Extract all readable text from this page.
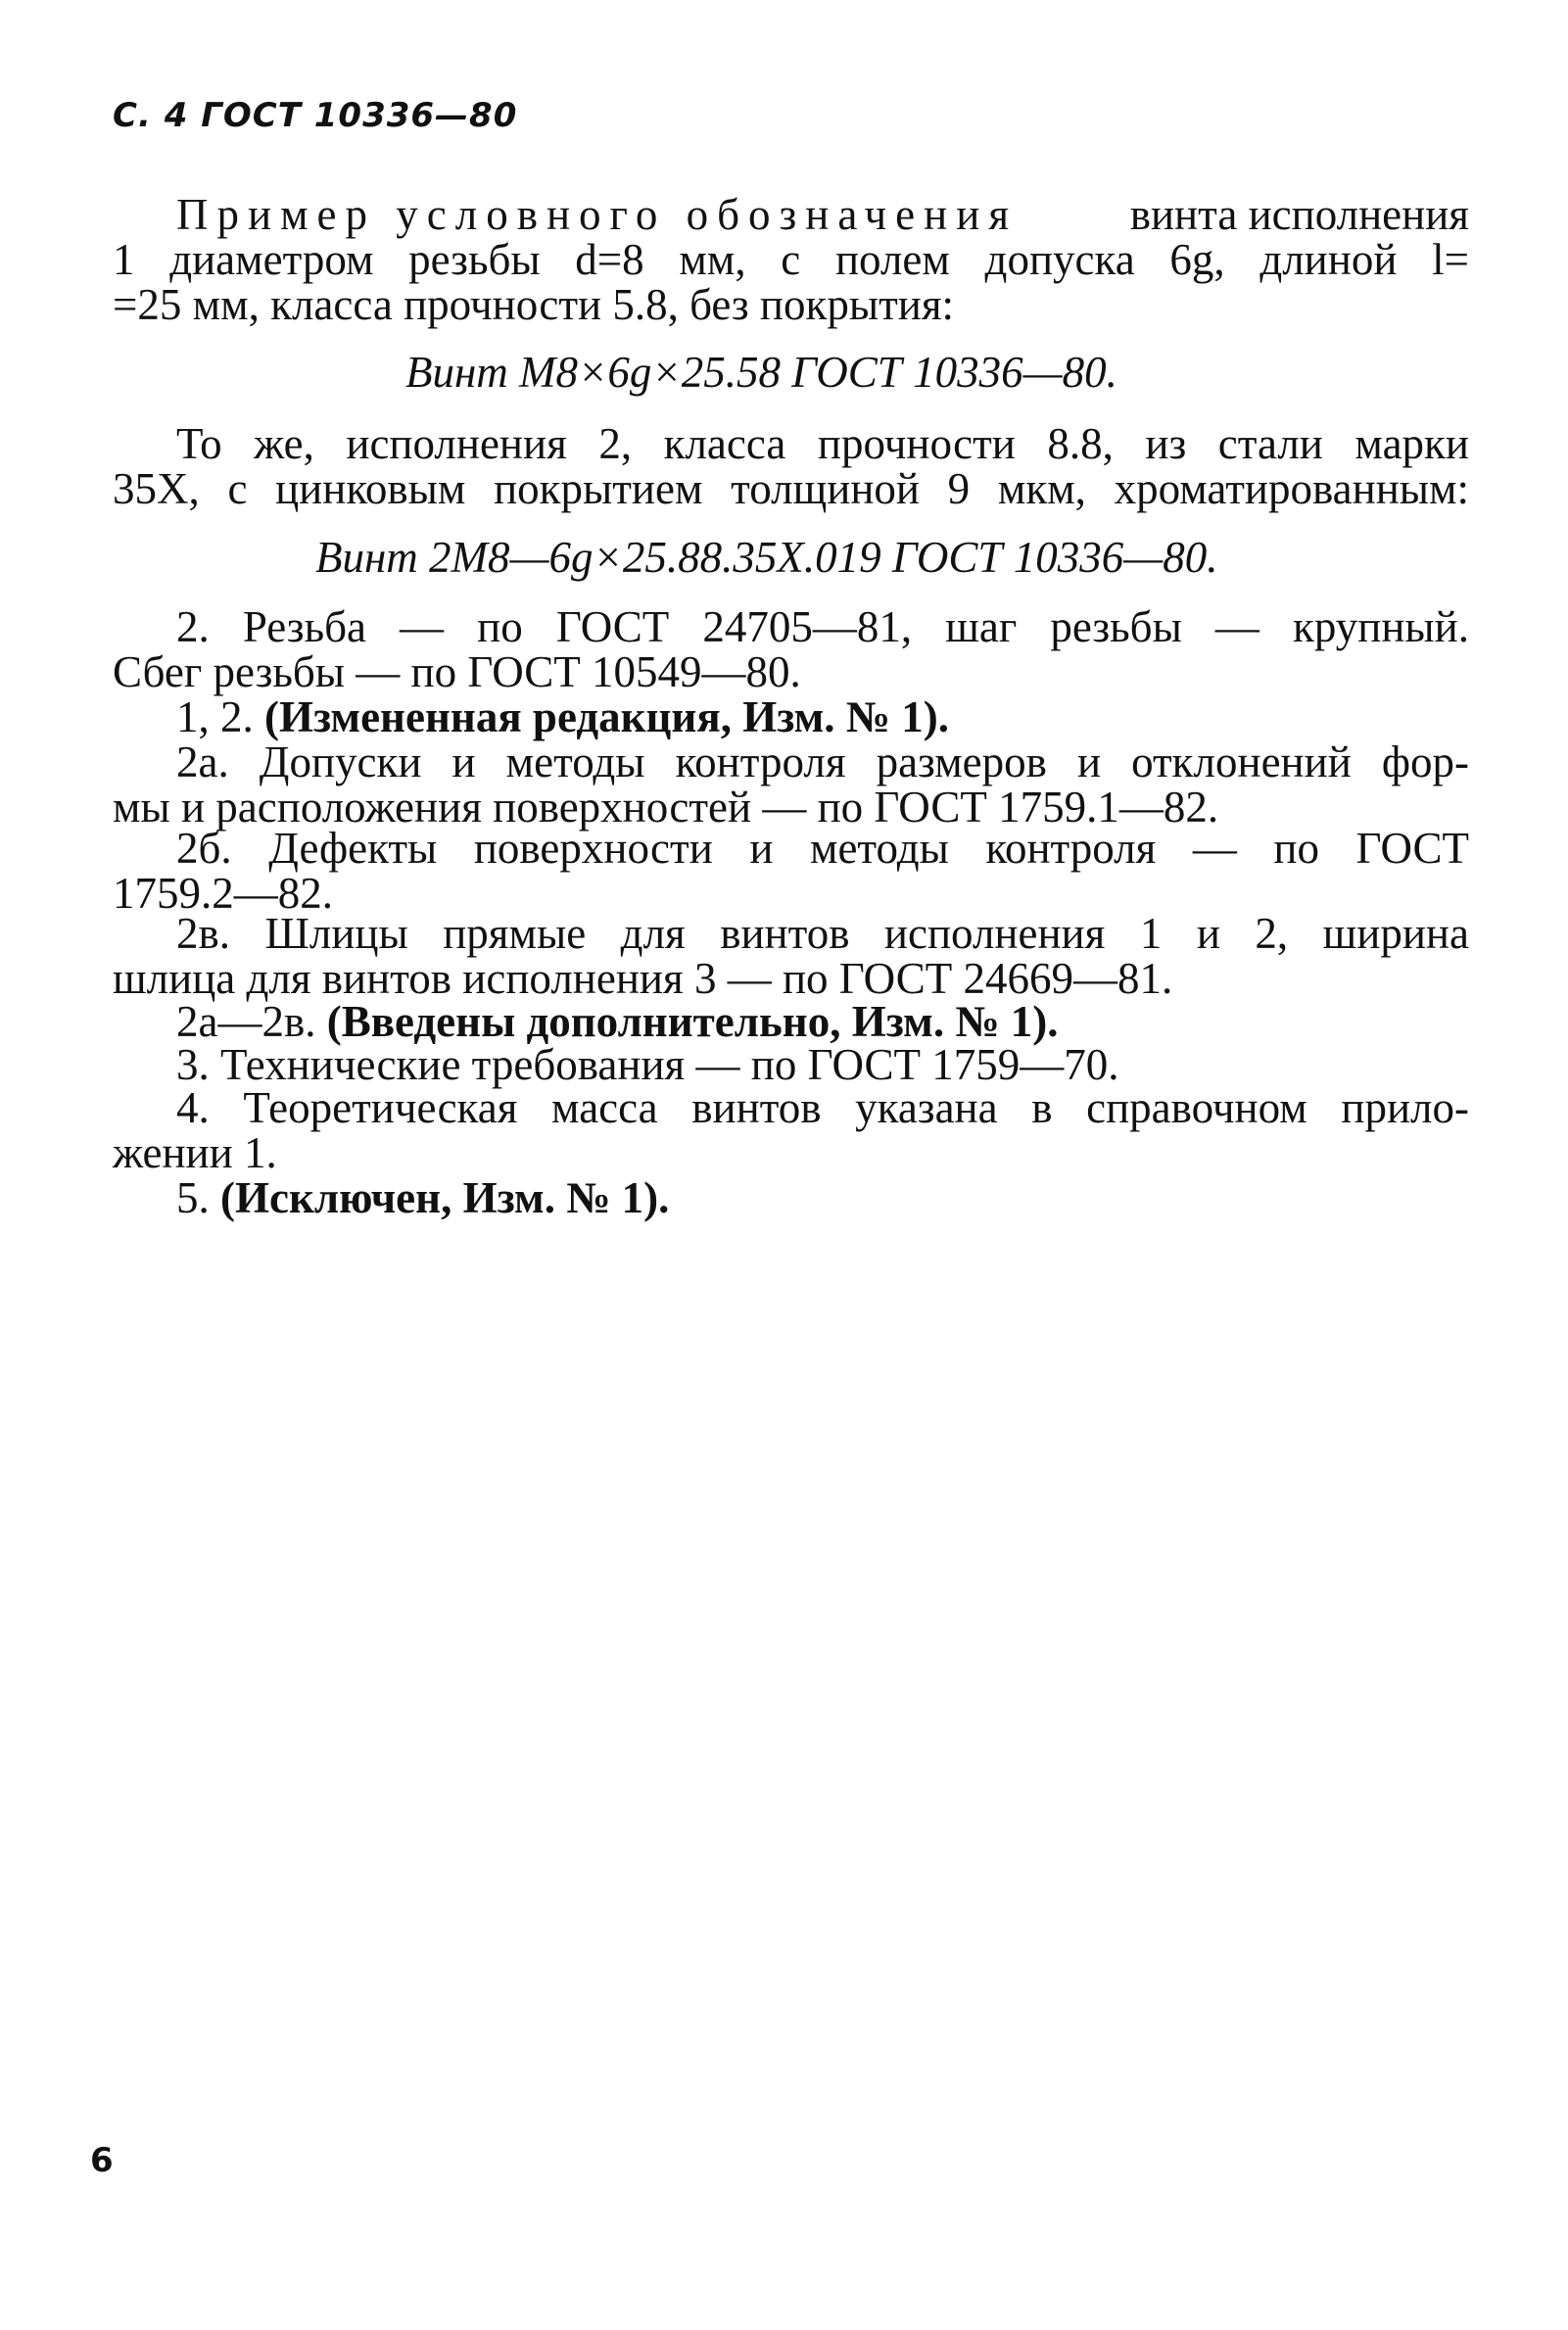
С. 4 ГОСТ 10336—80
Пример условного обозначения	винта исполнения
1 диаметром резьбы d=8 мм, с полем допуска 6g, длиной l=
=25 мм, класса прочности 5.8, без покрытия:
Винт М8×6g×25.58 ГОСТ 10336—80.
То же, исполнения 2, класса прочности 8.8, из стали марки
35Х, с цинковым покрытием толщиной 9 мкм, хроматированным:
Винт 2М8—6g×25.88.35Х.019 ГОСТ 10336—80.
2. Резьба — по ГОСТ 24705—81, шаг резьбы — крупный.
Сбег резьбы — по ГОСТ 10549—80.
1, 2. (Измененная редакция, Изм. № 1).
2а. Допуски и методы контроля размеров и отклонений фор-
мы и расположения поверхностей — по ГОСТ 1759.1—82.
2б. Дефекты поверхности и методы контроля — по ГОСТ
1759.2—82.
2в. Шлицы прямые для винтов исполнения 1 и 2, ширина
шлица для винтов исполнения 3 — по ГОСТ 24669—81.
2а—2в. (Введены дополнительно, Изм. № 1).
3. Технические требования — по ГОСТ 1759—70.
4. Теоретическая масса винтов указана в справочном прило-
жении 1.
5. (Исключен, Изм. № 1).
6
